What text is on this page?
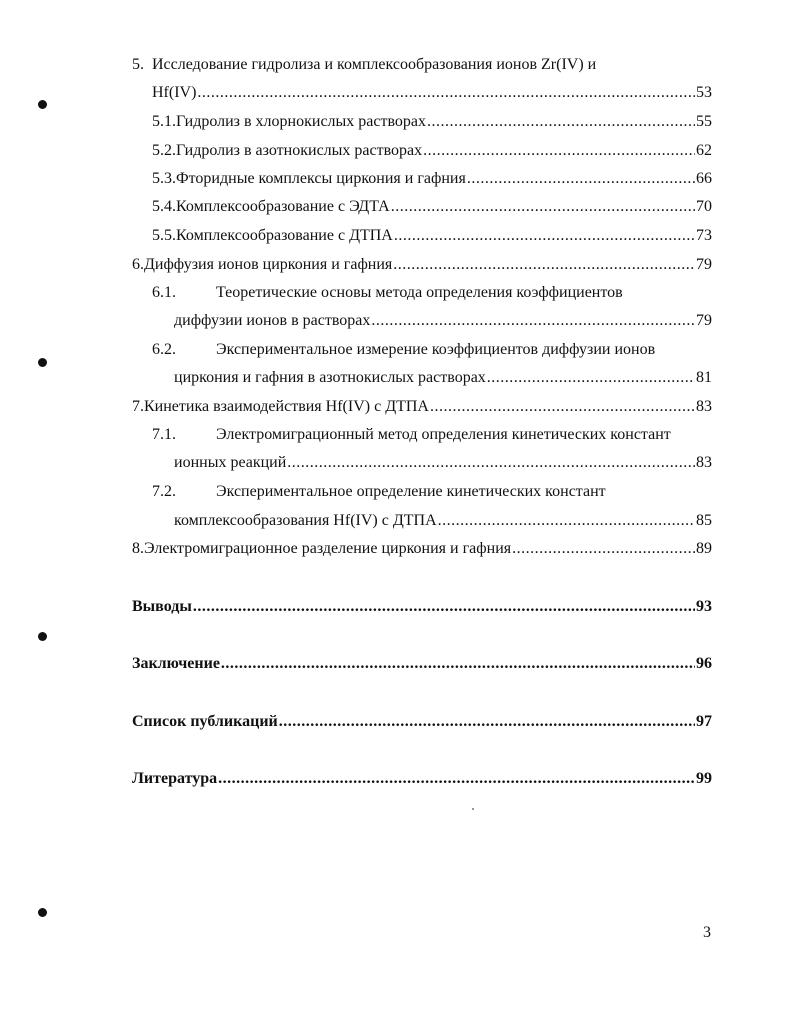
5. Исследование гидролиза и комплексообразования ионов Zr(IV) и
Hf(IV) .....	53
5.1. Гидролиз в хлорнокислых растворах .....	55
5.2. Гидролиз в азотнокислых растворах .....	62
5.3. Фторидные комплексы циркония и гафния .....	66
5.4. Комплексообразование с ЭДТА .....	70
5.5. Комплексообразование с ДТПА .....	73
6. Диффузия ионов циркония и гафния .....	79
6.1.	Теоретические основы метода определения коэффициентов
диффузии ионов в растворах .....	79
6.2.	Экспериментальное измерение коэффициентов диффузии ионов
циркония и гафния в азотнокислых растворах .....	81
7. Кинетика взаимодействия Hf(IV) с ДТПА .....	83
7.1.	Электромиграционный метод определения кинетических констант
ионных реакций .....	83
7.2.	Экспериментальное определение кинетических констант
комплексообразования Hf(IV) с ДТПА .....	85
8. Электромиграционное разделение циркония и гафния .....	89
Выводы .....	93
Заключение .....	96
Список публикаций .....	97
Литература .....	99
3
